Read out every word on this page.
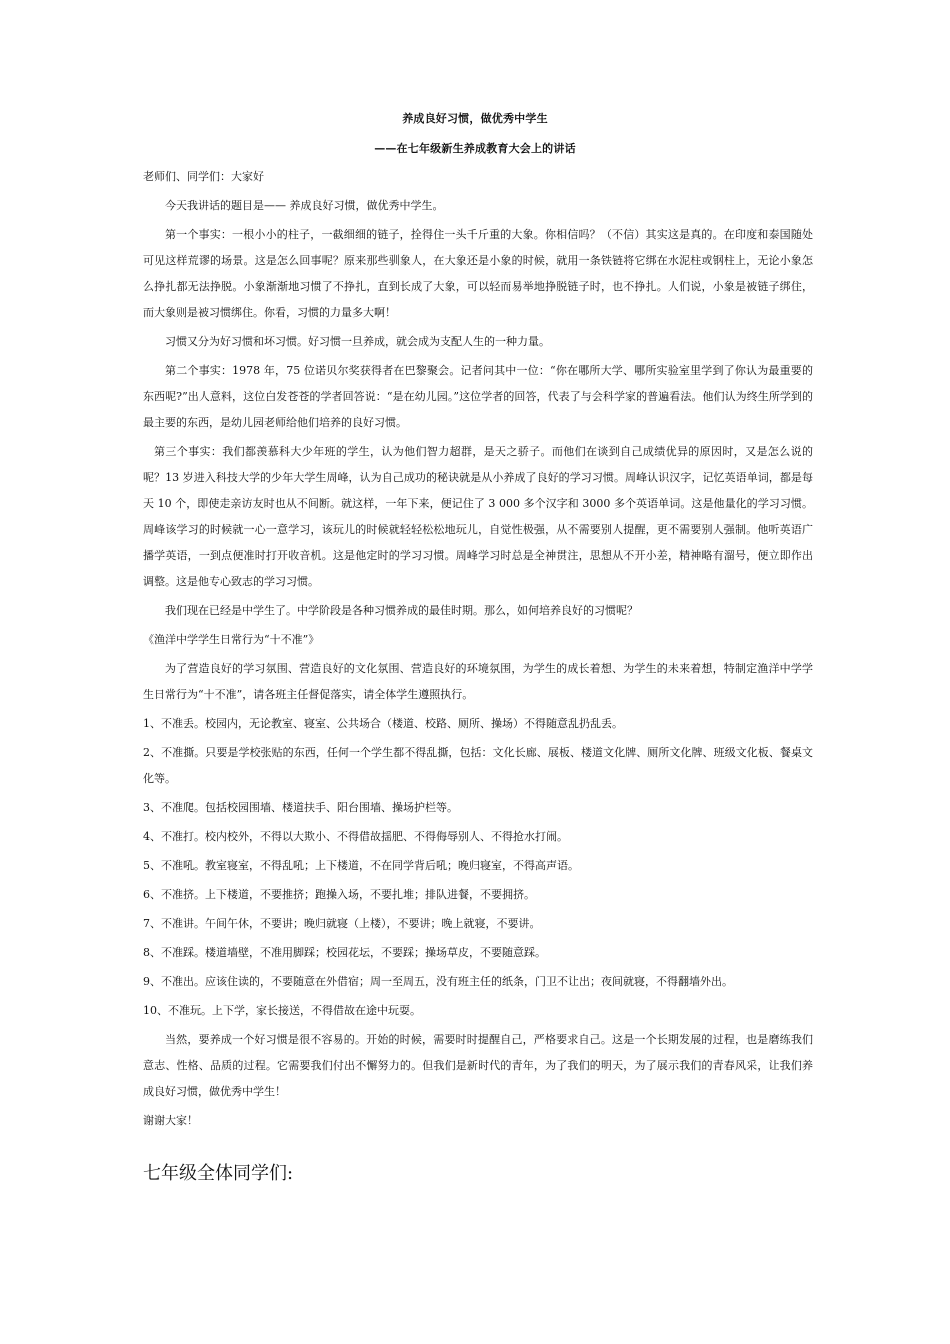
养成良好习惯，做优秀中学生
——在七年级新生养成教育大会上的讲话

老师们、同学们：大家好

今天我讲话的题目是—— 养成良好习惯，做优秀中学生。

第一个事实：一根小小的柱子，一截细细的链子，拴得住一头千斤重的大象。你相信吗？（不信）其实这是真的。在印度和泰国随处可见这样荒谬的场景。这是怎么回事呢？原来那些驯象人，在大象还是小象的时候，就用一条铁链将它绑在水泥柱或钢柱上，无论小象怎么挣扎都无法挣脱。小象渐渐地习惯了不挣扎，直到长成了大象，可以轻而易举地挣脱链子时，也不挣扎。人们说，小象是被链子绑住，而大象则是被习惯绑住。你看，习惯的力量多大啊！

习惯又分为好习惯和坏习惯。好习惯一旦养成，就会成为支配人生的一种力量。

第二个事实：1978 年，75 位诺贝尔奖获得者在巴黎聚会。记者问其中一位：“你在哪所大学、哪所实验室里学到了你认为最重要的东西呢?”出人意料，这位白发苍苍的学者回答说：“是在幼儿园。”这位学者的回答，代表了与会科学家的普遍看法。他们认为终生所学到的最主要的东西，是幼儿园老师给他们培养的良好习惯。

第三个事实：我们都羡慕科大少年班的学生，认为他们智力超群，是天之骄子。而他们在谈到自己成绩优异的原因时，又是怎么说的呢？13 岁进入科技大学的少年大学生周峰，认为自己成功的秘诀就是从小养成了良好的学习习惯。周峰认识汉字，记忆英语单词，都是每天 10 个，即使走亲访友时也从不间断。就这样，一年下来，便记住了 3 000 多个汉字和 3000 多个英语单词。这是他量化的学习习惯。周峰该学习的时候就一心一意学习，该玩儿的时候就轻轻松松地玩儿，自觉性极强，从不需要别人提醒，更不需要别人强制。他听英语广播学英语，一到点便准时打开收音机。这是他定时的学习习惯。周峰学习时总是全神贯注，思想从不开小差，精神略有溜号，便立即作出调整。这是他专心致志的学习习惯。

我们现在已经是中学生了。中学阶段是各种习惯养成的最佳时期。那么，如何培养良好的习惯呢？

《渔洋中学学生日常行为“十不准”》

为了营造良好的学习氛围、营造良好的文化氛围、营造良好的环境氛围，为学生的成长着想、为学生的未来着想，特制定渔洋中学学生日常行为“十不准”，请各班主任督促落实，请全体学生遵照执行。

1、不准丢。校园内，无论教室、寝室、公共场合（楼道、校路、厕所、操场）不得随意乱扔乱丢。

2、不准撕。只要是学校张贴的东西，任何一个学生都不得乱撕，包括：文化长廊、展板、楼道文化牌、厕所文化牌、班级文化板、餐桌文化等。

3、不准爬。包括校园围墙、楼道扶手、阳台围墙、操场护栏等。

4、不准打。校内校外，不得以大欺小、不得借故揺肥、不得侮辱别人、不得抢水打闹。

5、不准吼。教室寝室，不得乱吼；上下楼道，不在同学背后吼；晚归寝室，不得高声语。

6、不准挤。上下楼道，不要推挤；跑操入场，不要扎堆；排队进餐，不要拥挤。

7、不准讲。午间午休，不要讲；晚归就寝（上楼），不要讲；晚上就寝，不要讲。

8、不准踩。楼道墙壁，不准用脚踩；校园花坛，不要踩；操场草皮，不要随意踩。

9、不准出。应该住读的，不要随意在外借宿；周一至周五，没有班主任的纸条，门卫不让出；夜间就寝，不得翻墙外出。

10、不准玩。上下学，家长接送，不得借故在途中玩耍。

当然，要养成一个好习惯是很不容易的。开始的时候，需要时时提醒自己，严格要求自己。这是一个长期发展的过程，也是磨练我们意志、性格、品质的过程。它需要我们付出不懈努力的。但我们是新时代的青年，为了我们的明天，为了展示我们的青春风采，让我们养成良好习惯，做优秀中学生！

谢谢大家！

七年级全体同学们:
